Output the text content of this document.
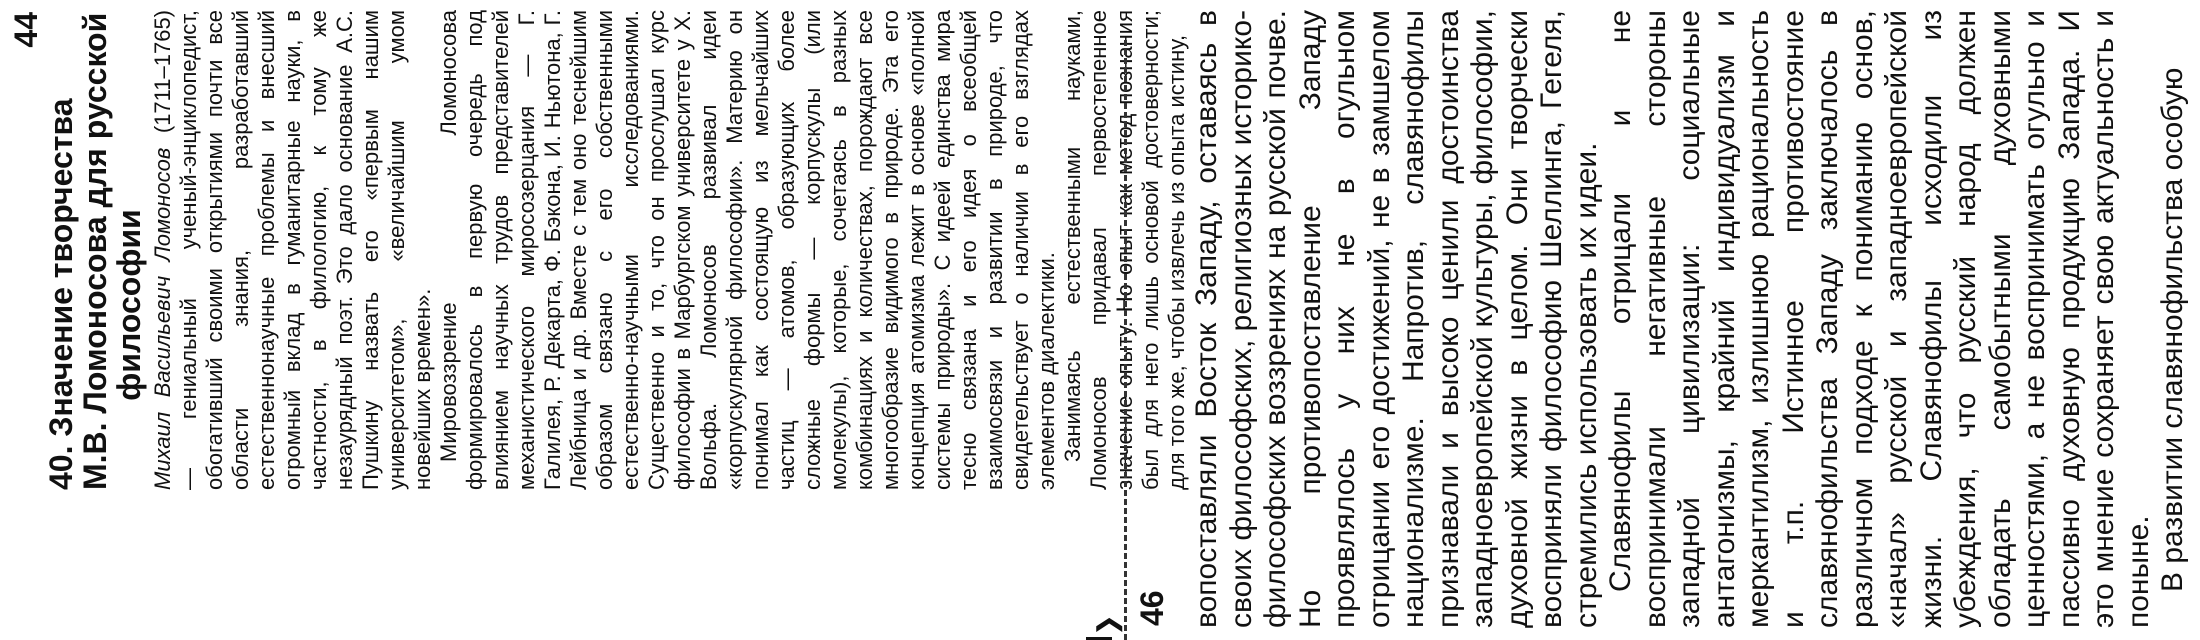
44
40. Значение творчества
М.В. Ломоносова для русской
философии Михаил Васильевич Ломоносов (1711–1765) — гениальный ученый-энциклопедист, обогативший своими открытиями почти все области знания, разработавший естественнонаучные проблемы и внесший огромный вклад в гуманитарные науки, в частности, в филологию, к тому же незаурядный поэт. Это дало основание А.С. Пушкину назвать его «первым нашим университетом», «величайшим умом новейших времен». Мировоззрение Ломоносова формировалось в первую очередь под влиянием научных трудов представителей механистического миросозерцания — Г. Галилея, Р. Декарта, Ф. Бэкона, И. Ньютона, Г. Лейбница и др. Вместе с тем оно теснейшим образом связано с его собственными естественно-научными исследованиями. Существенно и то, что он прослушал курс философии в Марбургском университете у Х. Вольфа. Ломоносов развивал идеи «корпускулярной философии». Материю он понимал как состоящую из мельчайших частиц — атомов, образующих более сложные формы — корпускулы (или молекулы), которые, сочетаясь в разных комбинациях и количествах, порождают все многообразие видимого в природе. Эта его концепция атомизма лежит в основе «полной системы природы». С идеей единства мира тесно связана и его идея о всеобщей взаимосвязи и развитии в природе, что свидетельствует о наличии в его взглядах элементов диалектики. Занимаясь естественными науками, Ломоносов придавал первостепенное значение опыту. Но опыт как метод познания был для него лишь основой достоверности; для того же, чтобы извлечь из опыта истину,

❯ 46 вопоставляли Восток Западу, оставаясь в своих философских, религиозных историко-философских воззрениях на русской почве. Но противопоставление Западу проявлялось у них не в огульном отрицании его достижений, не в замшелом национализме. Напротив, славянофилы признавали и высоко ценили достоинства западноевропейской культуры, философии, духовной жизни в целом. Они творчески восприняли философию Шеллинга, Гегеля, стремились использовать их идеи. Славянофилы отрицали и не воспринимали негативные стороны западной цивилизации: социальные антагонизмы, крайний индивидуализм и меркантилизм, излишнюю рациональность и т.п. Истинное противостояние славянофильства Западу заключалось в различном подходе к пониманию основ, «начал» русской и западноевропейской жизни. Славянофилы исходили из убеждения, что русский народ должен обладать самобытными духовными ценностями, а не воспринимать огульно и пассивно духовную продукцию Запада. И это мнение сохраняет свою актуальность и поныне. В развитии славянофильства особую
